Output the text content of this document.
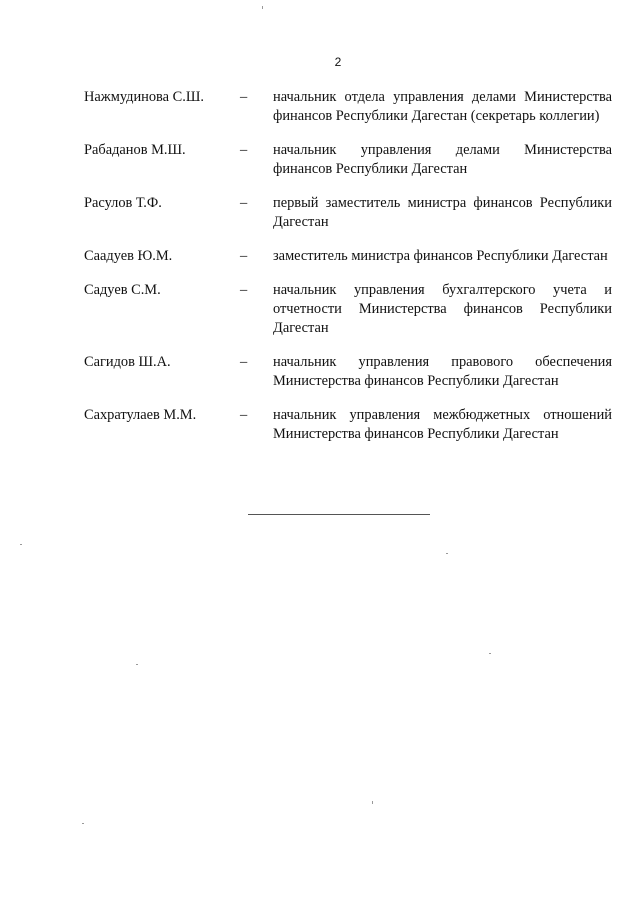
2
Нажмудинова С.Ш.	– начальник отдела управления делами Министерства финансов Республики Дагестан (секретарь коллегии)
Рабаданов М.Ш.	– начальник управления делами Министерства финансов Республики Дагестан
Расулов Т.Ф.	– первый заместитель министра финансов Республики Дагестан
Саадуев Ю.М.	– заместитель министра финансов Республики Дагестан
Садуев С.М.	– начальник управления бухгалтерского учета и отчетности Министерства финансов Республики Дагестан
Сагидов Ш.А.	– начальник управления правового обеспечения Министерства финансов Республики Дагестан
Сахратулаев М.М.	– начальник управления межбюджетных отношений Министерства финансов Республики Дагестан
